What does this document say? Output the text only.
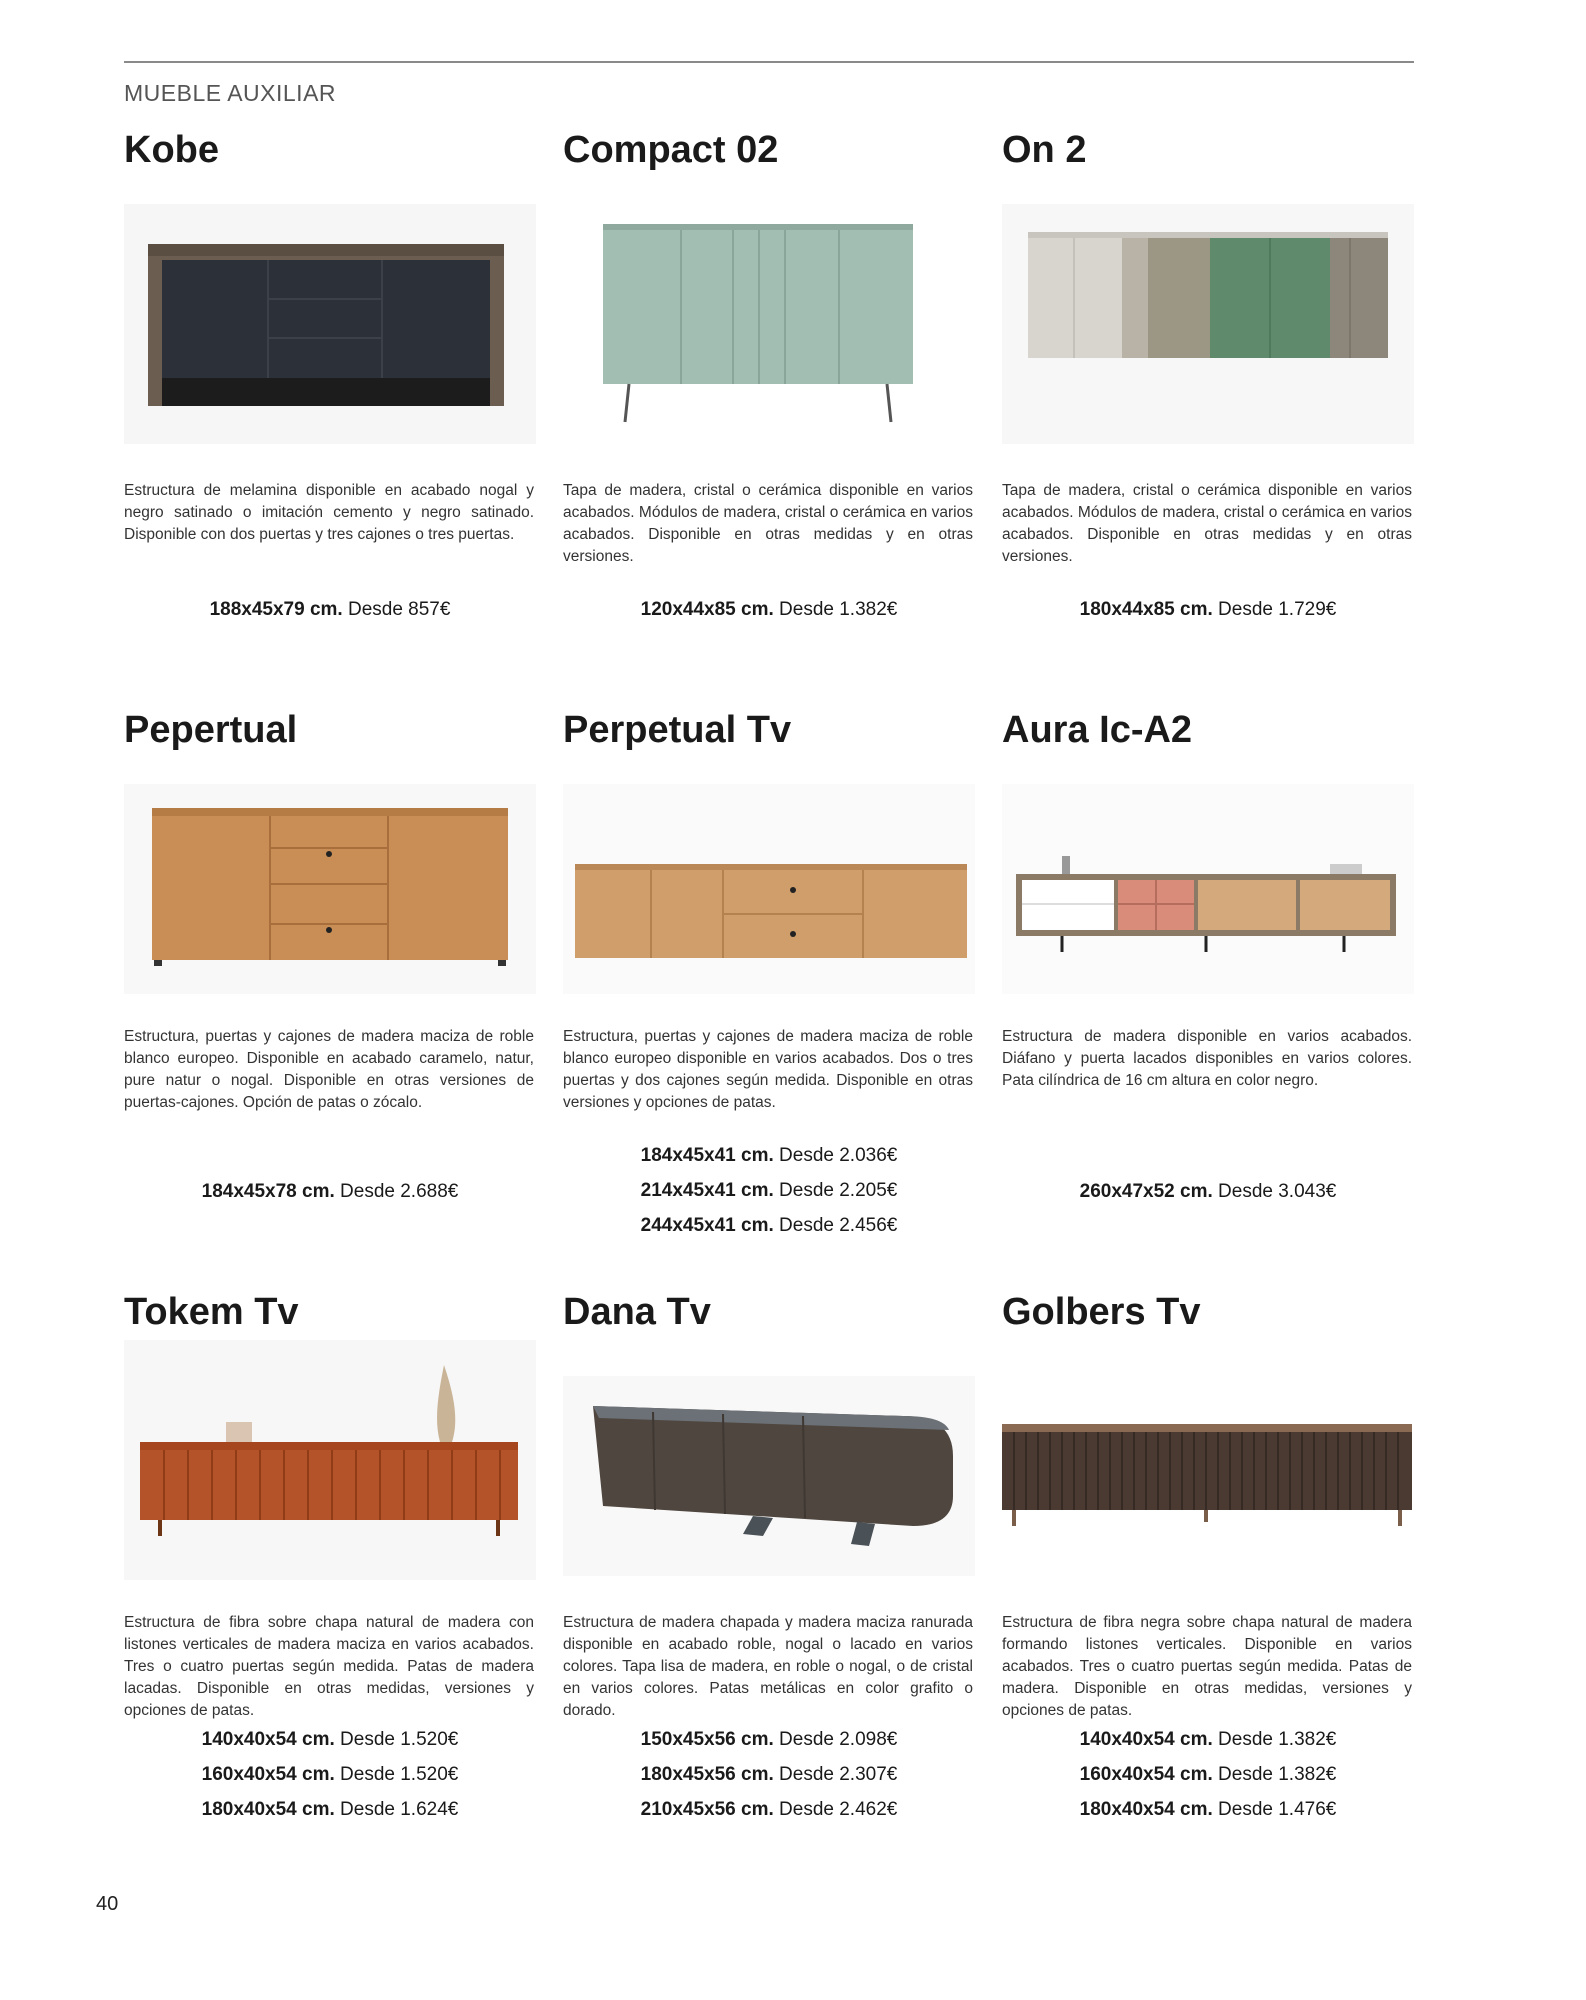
MUEBLE AUXILIAR
Kobe

Estructura de melamina disponible en acabado nogal y negro satinado o imitación cemento y negro satinado. Disponible con dos puertas y tres cajones o tres puertas.

188x45x79 cm. Desde 857€
Compact 02

Tapa de madera, cristal o cerámica disponible en varios acabados. Módulos de madera, cristal o cerámica en varios acabados. Disponible en otras medidas y en otras versiones.

120x44x85 cm. Desde 1.382€
On 2

Tapa de madera, cristal o cerámica disponible en varios acabados. Módulos de madera, cristal o cerámica en varios acabados. Disponible en otras medidas y en otras versiones.

180x44x85 cm. Desde 1.729€
Pepertual

Estructura, puertas y cajones de madera maciza de roble blanco europeo. Disponible en acabado caramelo, natur, pure natur o nogal. Disponible en otras versiones de puertas-cajones. Opción de patas o zócalo.

184x45x78 cm. Desde 2.688€
Perpetual Tv

Estructura, puertas y cajones de madera maciza de roble blanco europeo disponible en varios acabados. Dos o tres puertas y dos cajones según medida. Disponible en otras versiones y opciones de patas.

184x45x41 cm. Desde 2.036€
214x45x41 cm. Desde 2.205€
244x45x41 cm. Desde 2.456€
Aura Ic-A2

Estructura de madera disponible en varios acabados. Diáfano y puerta lacados disponibles en varios colores. Pata cilíndrica de 16 cm altura en color negro.

260x47x52 cm. Desde 3.043€
Tokem Tv

Estructura de fibra sobre chapa natural de madera con listones verticales de madera maciza en varios acabados. Tres o cuatro puertas según medida. Patas de madera lacadas. Disponible en otras medidas, versiones y opciones de patas.

140x40x54 cm. Desde 1.520€
160x40x54 cm. Desde 1.520€
180x40x54 cm. Desde 1.624€
Dana Tv

Estructura de madera chapada y madera maciza ranurada disponible en acabado roble, nogal o lacado en varios colores. Tapa lisa de madera, en roble o nogal, o de cristal en varios colores. Patas metálicas en color grafito o dorado.

150x45x56 cm. Desde 2.098€
180x45x56 cm. Desde 2.307€
210x45x56 cm. Desde 2.462€
Golbers Tv

Estructura de fibra negra sobre chapa natural de madera formando listones verticales. Disponible en varios acabados. Tres o cuatro puertas según medida. Patas de madera. Disponible en otras medidas, versiones y opciones de patas.

140x40x54 cm. Desde 1.382€
160x40x54 cm. Desde 1.382€
180x40x54 cm. Desde 1.476€
40
